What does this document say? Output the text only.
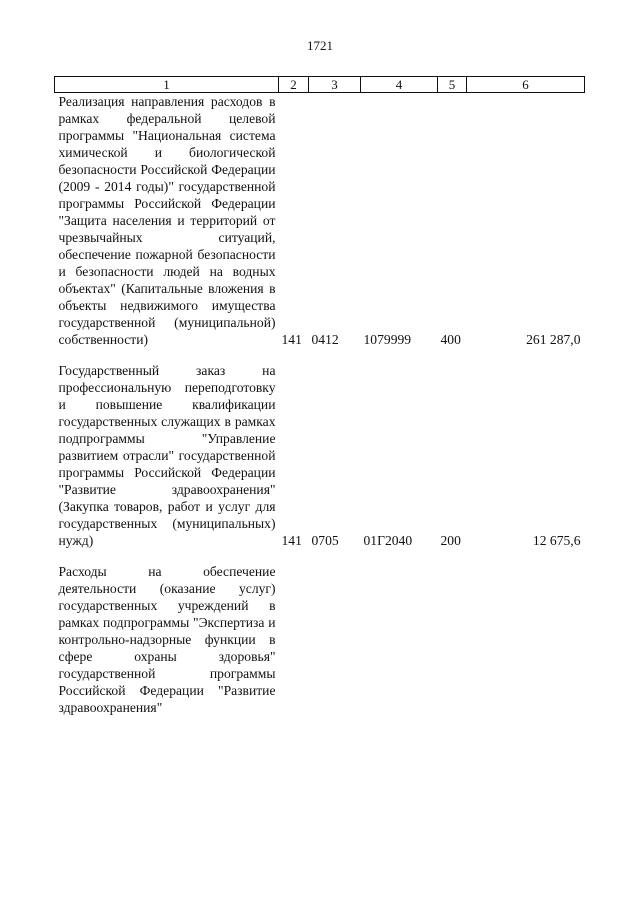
1721
1	2	3	4	5	6
Реализация направления расходов в рамках федеральной целевой программы "Национальная система химической и биологической безопасности Российской Федерации (2009 - 2014 годы)" государственной программы Российской Федерации "Защита населения и территорий от чрезвычайных ситуаций, обеспечение пожарной безопасности и безопасности людей на водных объектах" (Капитальные вложения в объекты недвижимого имущества государственной (муниципальной) собственности)	141	0412	1079999	400	261 287,0

Государственный заказ на профессиональную переподготовку и повышение квалификации государственных служащих в рамках подпрограммы "Управление развитием отрасли" государственной программы Российской Федерации "Развитие здравоохранения" (Закупка товаров, работ и услуг для государственных (муниципальных) нужд)	141	0705	01Г2040	200	12 675,6

Расходы на обеспечение деятельности (оказание услуг) государственных учреждений в рамках подпрограммы "Экспертиза и контрольно-надзорные функции в сфере охраны здоровья" государственной программы Российской Федерации "Развитие здравоохранения"					
